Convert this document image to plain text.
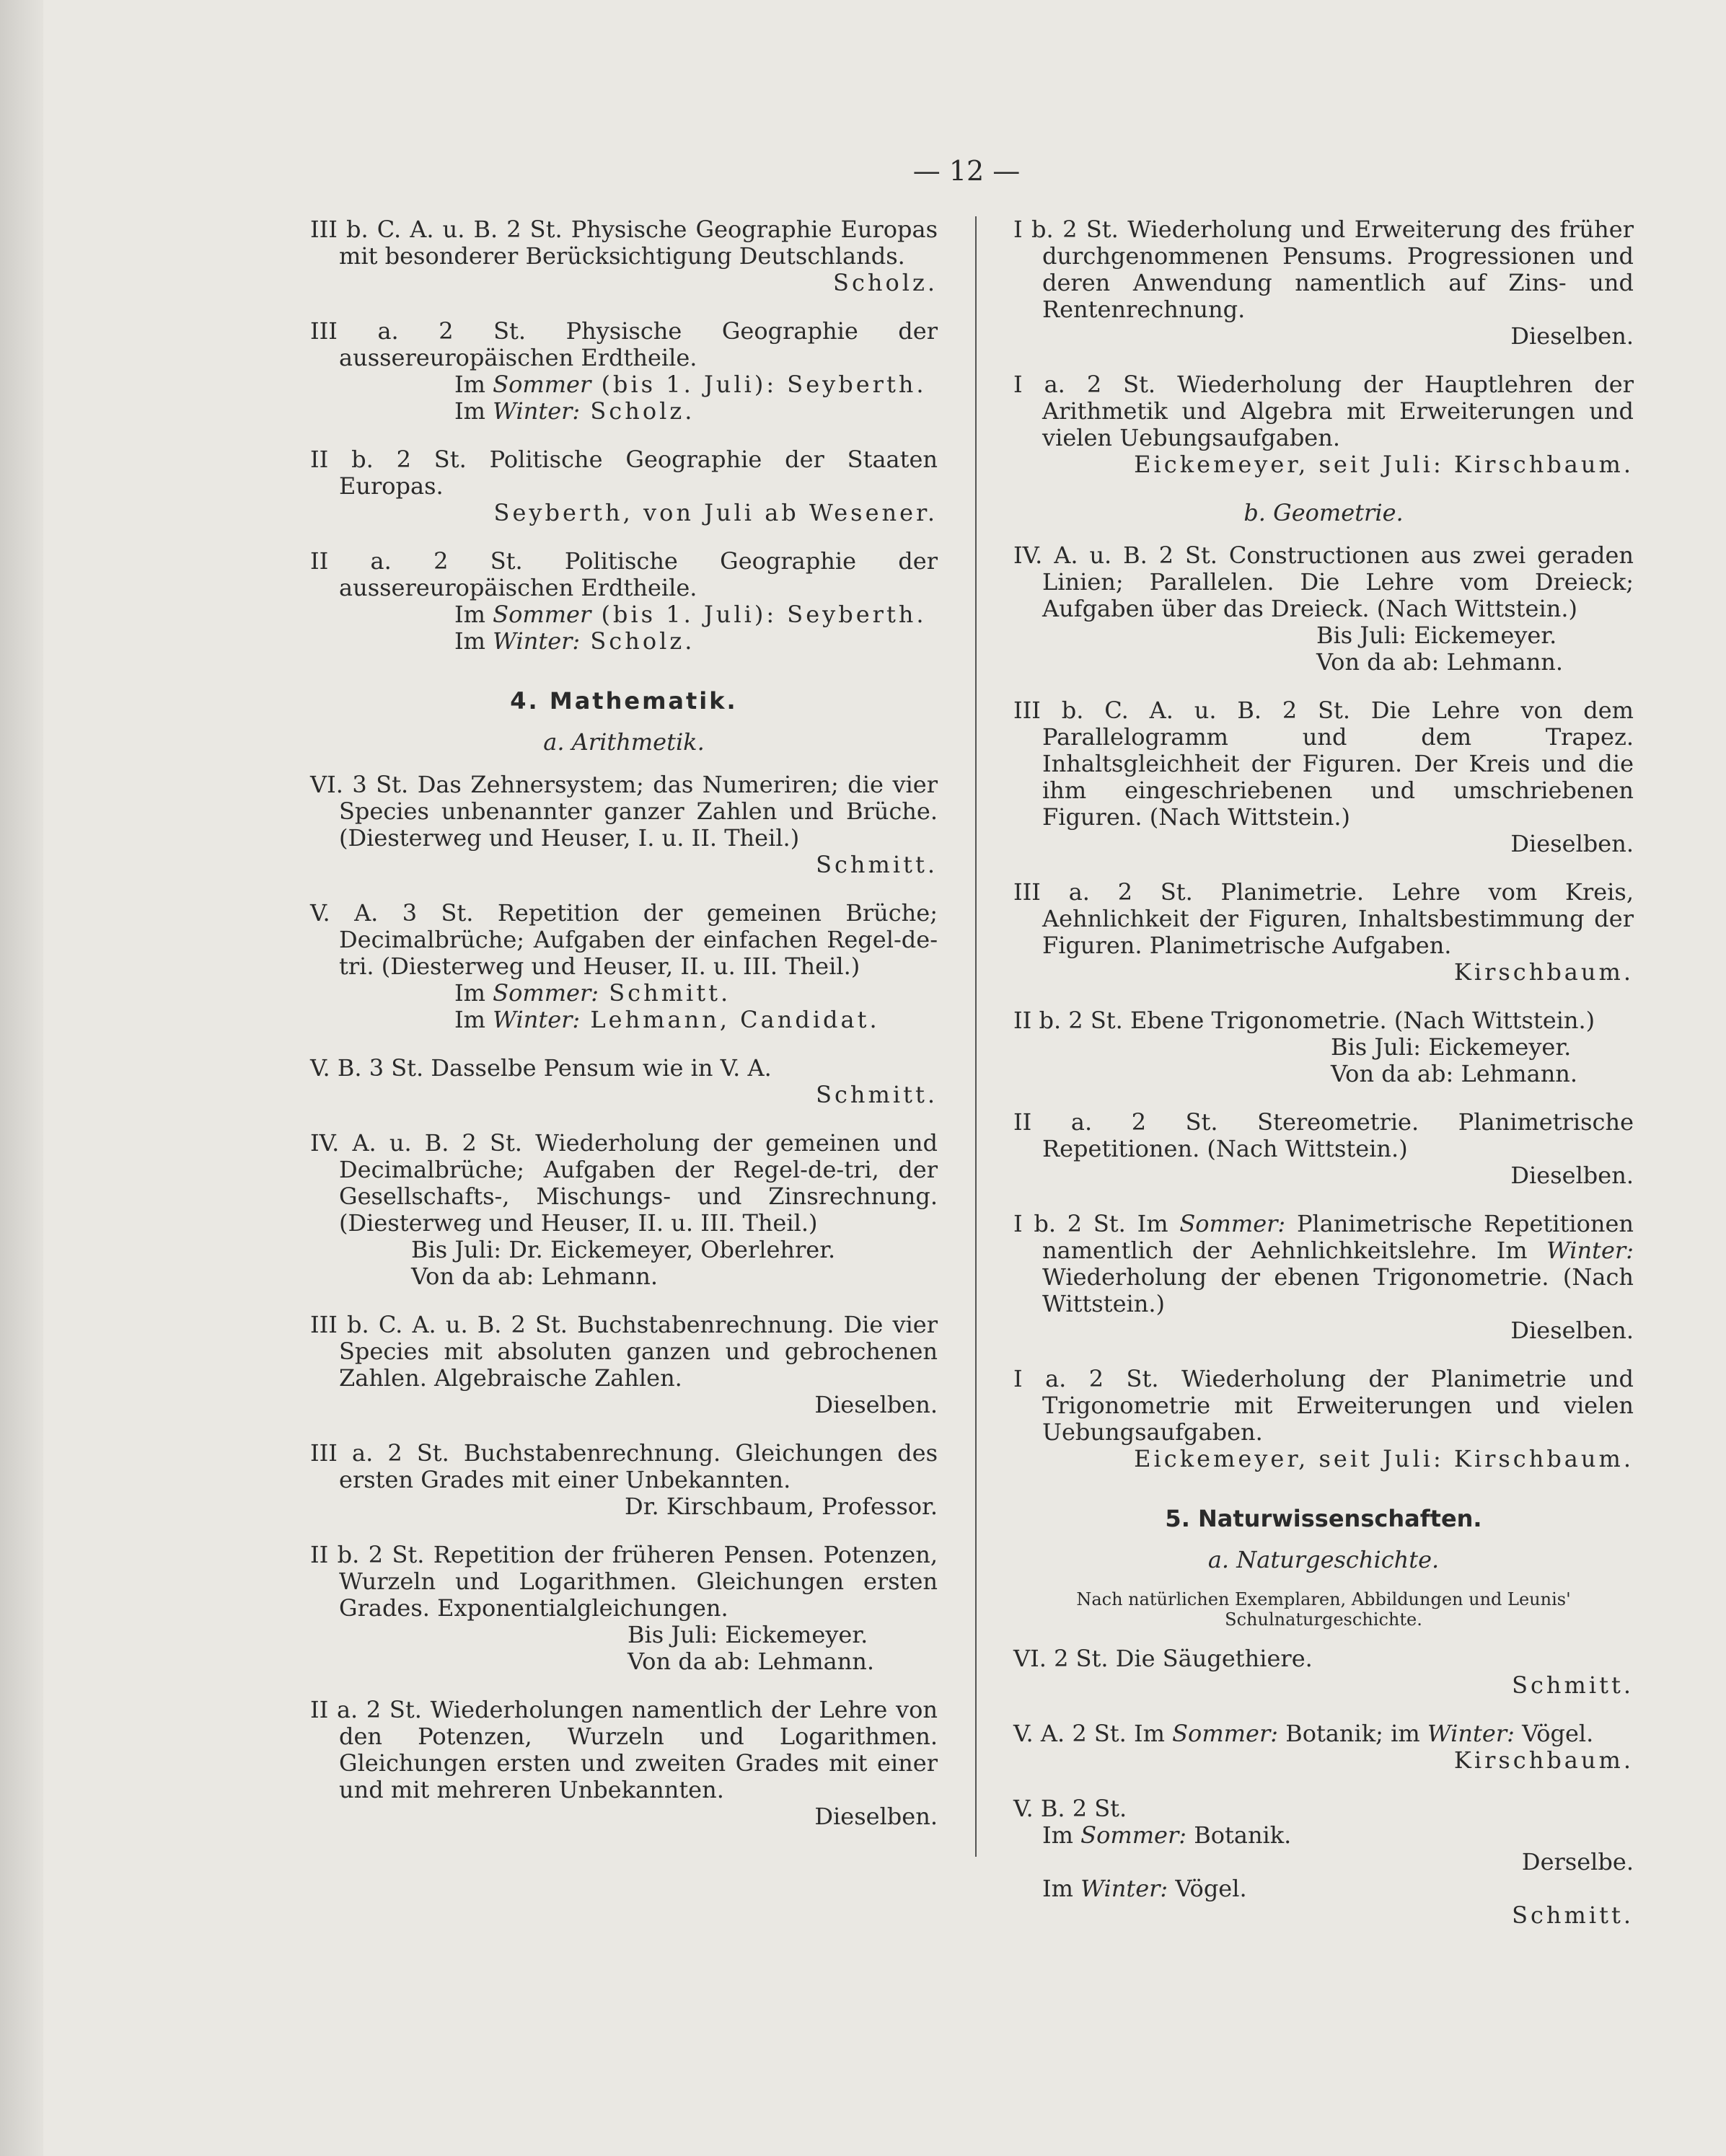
— 12 —
III b. C. A. u. B. 2 St. Physische Geographie Europas mit besonderer Berücksichtigung Deutschlands.
Scholz.
III a. 2 St. Physische Geographie der aussereuropäischen Erdtheile.
Im Sommer (bis 1. Juli): Seyberth.
Im Winter: Scholz.
II b. 2 St. Politische Geographie der Staaten Europas.
Seyberth, von Juli ab Wesener.
II a. 2 St. Politische Geographie der aussereuropäischen Erdtheile.
Im Sommer (bis 1. Juli): Seyberth.
Im Winter: Scholz.
4. Mathematik.
a. Arithmetik.
VI. 3 St. Das Zehnersystem; das Numeriren; die vier Species unbenannter ganzer Zahlen und Brüche. (Diesterweg und Heuser, I. u. II. Theil.)
Schmitt.
V. A. 3 St. Repetition der gemeinen Brüche; Decimalbrüche; Aufgaben der einfachen Regel-de-tri. (Diesterweg und Heuser, II. u. III. Theil.)
Im Sommer: Schmitt.
Im Winter: Lehmann, Candidat.
V. B. 3 St. Dasselbe Pensum wie in V. A.
Schmitt.
IV. A. u. B. 2 St. Wiederholung der gemeinen und Decimalbrüche; Aufgaben der Regel-de-tri, der Gesellschafts-, Mischungs- und Zinsrechnung. (Diesterweg und Heuser, II. u. III. Theil.)
Bis Juli: Dr. Eickemeyer, Oberlehrer.
Von da ab: Lehmann.
III b. C. A. u. B. 2 St. Buchstabenrechnung. Die vier Species mit absoluten ganzen und gebrochenen Zahlen. Algebraische Zahlen.
Dieselben.
III a. 2 St. Buchstabenrechnung. Gleichungen des ersten Grades mit einer Unbekannten.
Dr. Kirschbaum, Professor.
II b. 2 St. Repetition der früheren Pensen. Potenzen, Wurzeln und Logarithmen. Gleichungen ersten Grades. Exponentialgleichungen.
Bis Juli: Eickemeyer.
Von da ab: Lehmann.
II a. 2 St. Wiederholungen namentlich der Lehre von den Potenzen, Wurzeln und Logarithmen. Gleichungen ersten und zweiten Grades mit einer und mit mehreren Unbekannten.
Dieselben.
I b. 2 St. Wiederholung und Erweiterung des früher durchgenommenen Pensums. Progressionen und deren Anwendung namentlich auf Zins- und Rentenrechnung.
Dieselben.
I a. 2 St. Wiederholung der Hauptlehren der Arithmetik und Algebra mit Erweiterungen und vielen Uebungsaufgaben.
Eickemeyer, seit Juli: Kirschbaum.
b. Geometrie.
IV. A. u. B. 2 St. Constructionen aus zwei geraden Linien; Parallelen. Die Lehre vom Dreieck; Aufgaben über das Dreieck. (Nach Wittstein.)
Bis Juli: Eickemeyer.
Von da ab: Lehmann.
III b. C. A. u. B. 2 St. Die Lehre von dem Parallelogramm und dem Trapez. Inhaltsgleichheit der Figuren. Der Kreis und die ihm eingeschriebenen und umschriebenen Figuren. (Nach Wittstein.)
Dieselben.
III a. 2 St. Planimetrie. Lehre vom Kreis, Aehnlichkeit der Figuren, Inhaltsbestimmung der Figuren. Planimetrische Aufgaben.
Kirschbaum.
II b. 2 St. Ebene Trigonometrie. (Nach Wittstein.)
Bis Juli: Eickemeyer.
Von da ab: Lehmann.
II a. 2 St. Stereometrie. Planimetrische Repetitionen. (Nach Wittstein.)
Dieselben.
I b. 2 St. Im Sommer: Planimetrische Repetitionen namentlich der Aehnlichkeitslehre. Im Winter: Wiederholung der ebenen Trigonometrie. (Nach Wittstein.)
Dieselben.
I a. 2 St. Wiederholung der Planimetrie und Trigonometrie mit Erweiterungen und vielen Uebungsaufgaben.
Eickemeyer, seit Juli: Kirschbaum.
5. Naturwissenschaften.
a. Naturgeschichte.
Nach natürlichen Exemplaren, Abbildungen und Leunis' Schulnaturgeschichte.
VI. 2 St. Die Säugethiere.
Schmitt.
V. A. 2 St. Im Sommer: Botanik; im Winter: Vögel.
Kirschbaum.
V. B. 2 St.
Im Sommer: Botanik.
Derselbe.
Im Winter: Vögel.
Schmitt.
